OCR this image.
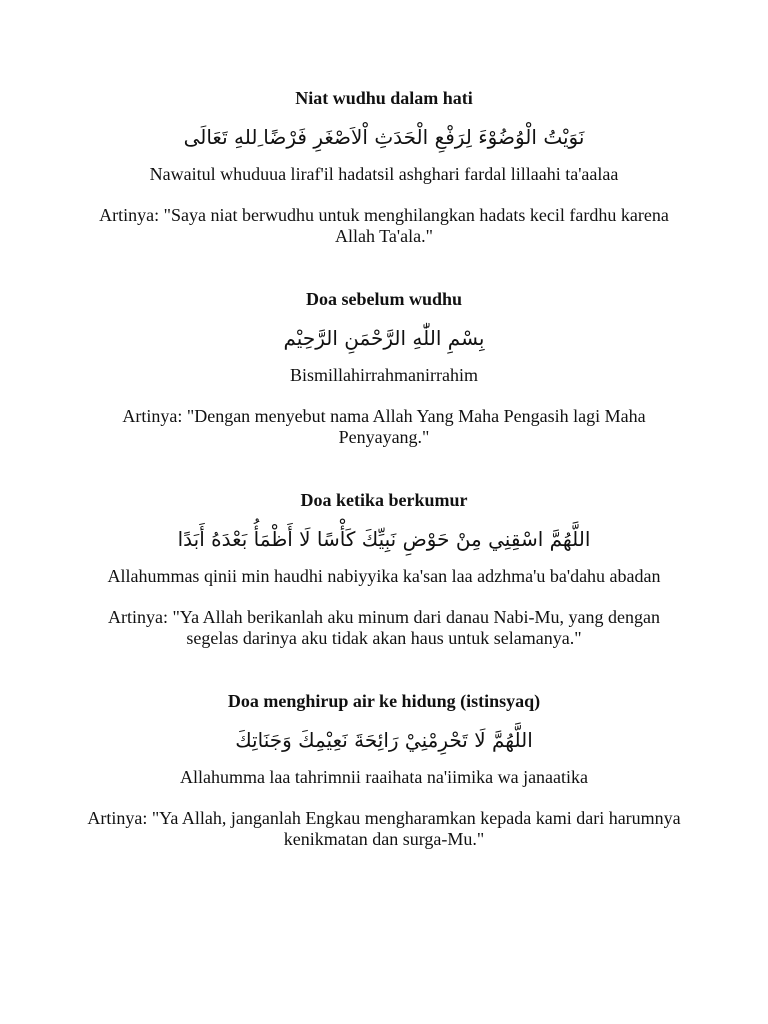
Niat wudhu dalam hati

نَوَيْتُ الْوُضُوْءَ لِرَفْعِ الْحَدَثِ اْلاَصْغَرِ فَرْضًا ِللهِ تَعَالَى

Nawaitul whuduua liraf'il hadatsil ashghari fardal lillaahi ta'aalaa

Artinya: "Saya niat berwudhu untuk menghilangkan hadats kecil fardhu karena Allah Ta'ala."

Doa sebelum wudhu

بِسْمِ اللّٰهِ الرَّحْمَنِ الرَّحِيْم

Bismillahirrahmanirrahim

Artinya: "Dengan menyebut nama Allah Yang Maha Pengasih lagi Maha Penyayang."

Doa ketika berkumur

اللَّهُمَّ اسْقِنِي مِنْ حَوْضِ نَبِيِّكَ كَأْسًا لَا أَظْمَأُ بَعْدَهُ أَبَدًا

Allahummas qinii min haudhi nabiyyika ka'san laa adzhma'u ba'dahu abadan

Artinya: "Ya Allah berikanlah aku minum dari danau Nabi-Mu, yang dengan segelas darinya aku tidak akan haus untuk selamanya."

Doa menghirup air ke hidung (istinsyaq)

اللَّهُمَّ لَا تَحْرِمْنِيْ رَائِحَةَ نَعِيْمِكَ وَجَنَاتِكَ

Allahumma laa tahrimnii raaihata na'iimika wa janaatika

Artinya: "Ya Allah, janganlah Engkau mengharamkan kepada kami dari harumnya kenikmatan dan surga-Mu."
